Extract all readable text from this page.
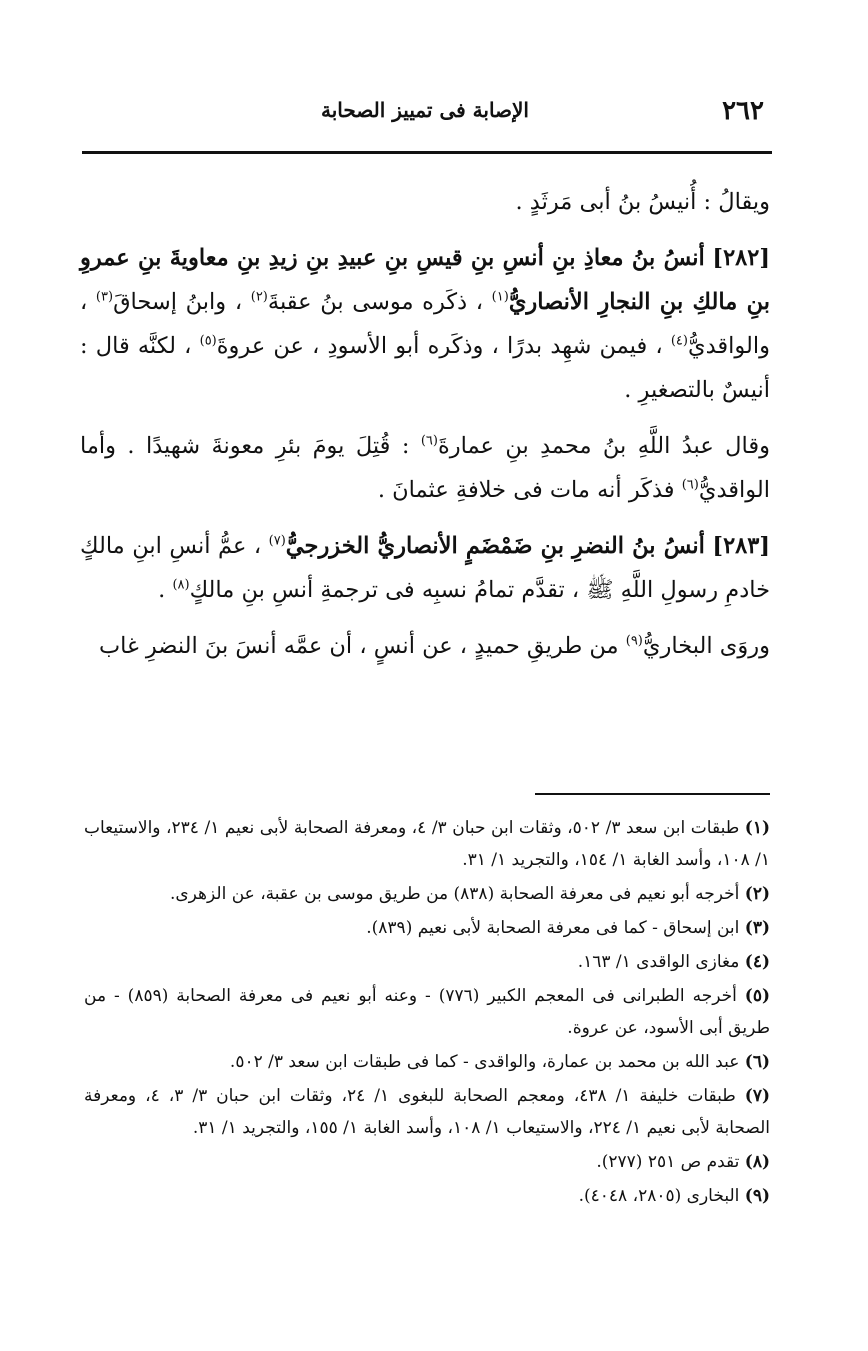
٢٦٢
الإصابة فى تمييز الصحابة

ويقالُ : أُنيسُ بنُ أبى مَرثَدٍ .

[٢٨٢] أنسُ بنُ معاذِ بنِ أنسِ بنِ قيسِ بنِ عبيدِ بنِ زيدِ بنِ معاويةَ بنِ عمروِ بنِ مالكِ بنِ النجارِ الأنصاريُّ$^{(١)}$ ، ذكَره موسى بنُ عقبةَ$^{(٢)}$ ، وابنُ إسحاقَ$^{(٣)}$ ، والواقديُّ$^{(٤)}$ ، فيمن شهِد بدرًا ، وذكَره أبو الأسودِ ، عن عروةَ$^{(٥)}$ ، لكنَّه قال : أنيسٌ بالتصغيرِ .

وقال عبدُ اللَّهِ بنُ محمدِ بنِ عمارةَ$^{(٦)}$ : قُتِلَ يومَ بئرِ معونةَ شهيدًا . وأما الواقديُّ$^{(٦)}$ فذكَر أنه مات فى خلافةِ عثمانَ .

[٢٨٣] أنسُ بنُ النضرِ بنِ ضَمْضَمٍ الأنصاريُّ الخزرجيُّ$^{(٧)}$ ، عمُّ أنسِ ابنِ مالكٍ خادمِ رسولِ اللَّهِ ﷺ ، تقدَّم تمامُ نسبِه فى ترجمةِ أنسِ بنِ مالكٍ$^{(٨)}$ .

وروَى البخاريُّ$^{(٩)}$ من طريقِ حميدٍ ، عن أنسٍ ، أن عمَّه أنسَ بنَ النضرِ غاب

(١) طبقات ابن سعد ٣/ ٥٠٢، وثقات ابن حبان ٣/ ٤، ومعرفة الصحابة لأبى نعيم ١/ ٢٣٤، والاستيعاب ١/ ١٠٨، وأسد الغابة ١/ ١٥٤، والتجريد ١/ ٣١.

(٢) أخرجه أبو نعيم فى معرفة الصحابة (٨٣٨) من طريق موسى بن عقبة، عن الزهرى.

(٣) ابن إسحاق - كما فى معرفة الصحابة لأبى نعيم (٨٣٩).

(٤) مغازى الواقدى ١/ ١٦٣.

(٥) أخرجه الطبرانى فى المعجم الكبير (٧٧٦) - وعنه أبو نعيم فى معرفة الصحابة (٨٥٩) - من طريق أبى الأسود، عن عروة.

(٦) عبد الله بن محمد بن عمارة، والواقدى - كما فى طبقات ابن سعد ٣/ ٥٠٢.

(٧) طبقات خليفة ١/ ٤٣٨، ومعجم الصحابة للبغوى ١/ ٢٤، وثقات ابن حبان ٣/ ٣، ٤، ومعرفة الصحابة لأبى نعيم ١/ ٢٢٤، والاستيعاب ١/ ١٠٨، وأسد الغابة ١/ ١٥٥، والتجريد ١/ ٣١.

(٨) تقدم ص ٢٥١ (٢٧٧).

(٩) البخارى (٢٨٠٥، ٤٠٤٨).
